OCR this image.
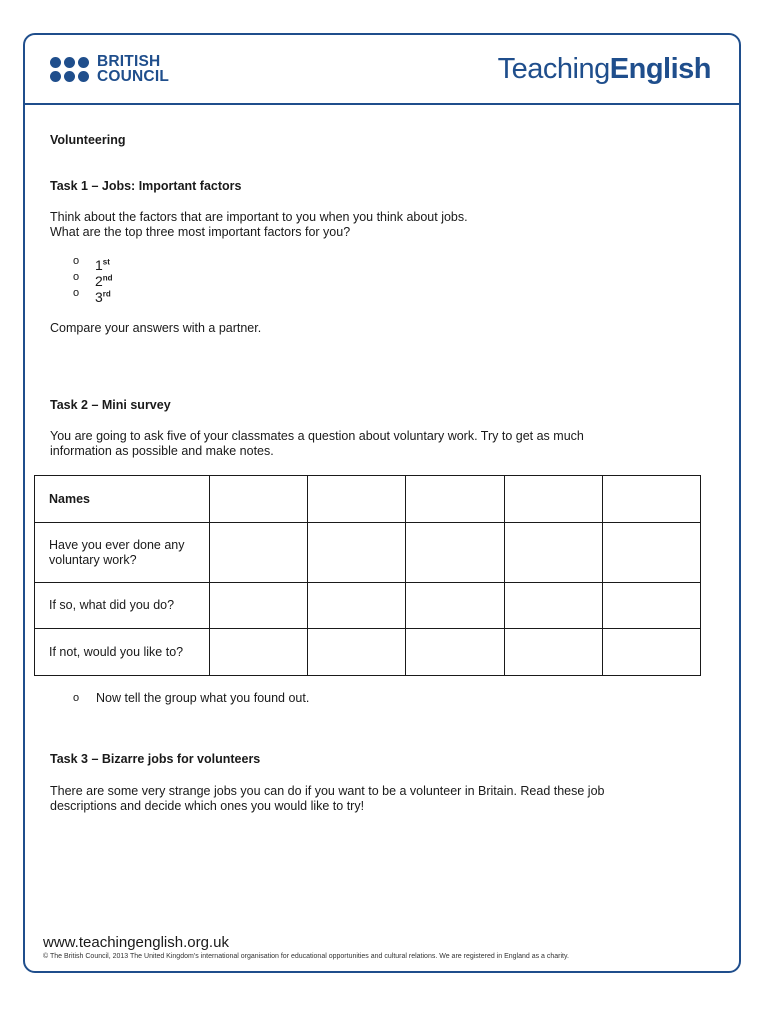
BRITISH
COUNCIL	TeachingEnglish
Volunteering
Task 1 – Jobs: Important factors
Think about the factors that are important to you when you think about jobs.
What are the top three most important factors for you?
o
o
o
1st
2nd
3rd
Compare your answers with a partner.
Task 2 – Mini survey
You are going to ask five of your classmates a question about voluntary work. Try to get as much
information as possible and make notes.
Names					
Have you ever done any voluntary work?					
If so, what did you do?					
If not, would you like to?					
o Now tell the group what you found out.
Task 3 – Bizarre jobs for volunteers
There are some very strange jobs you can do if you want to be a volunteer in Britain. Read these job
descriptions and decide which ones you would like to try!
www.teachingenglish.org.uk
© The British Council, 2013 The United Kingdom’s international organisation for educational opportunities and cultural relations. We are registered in England as a charity.
